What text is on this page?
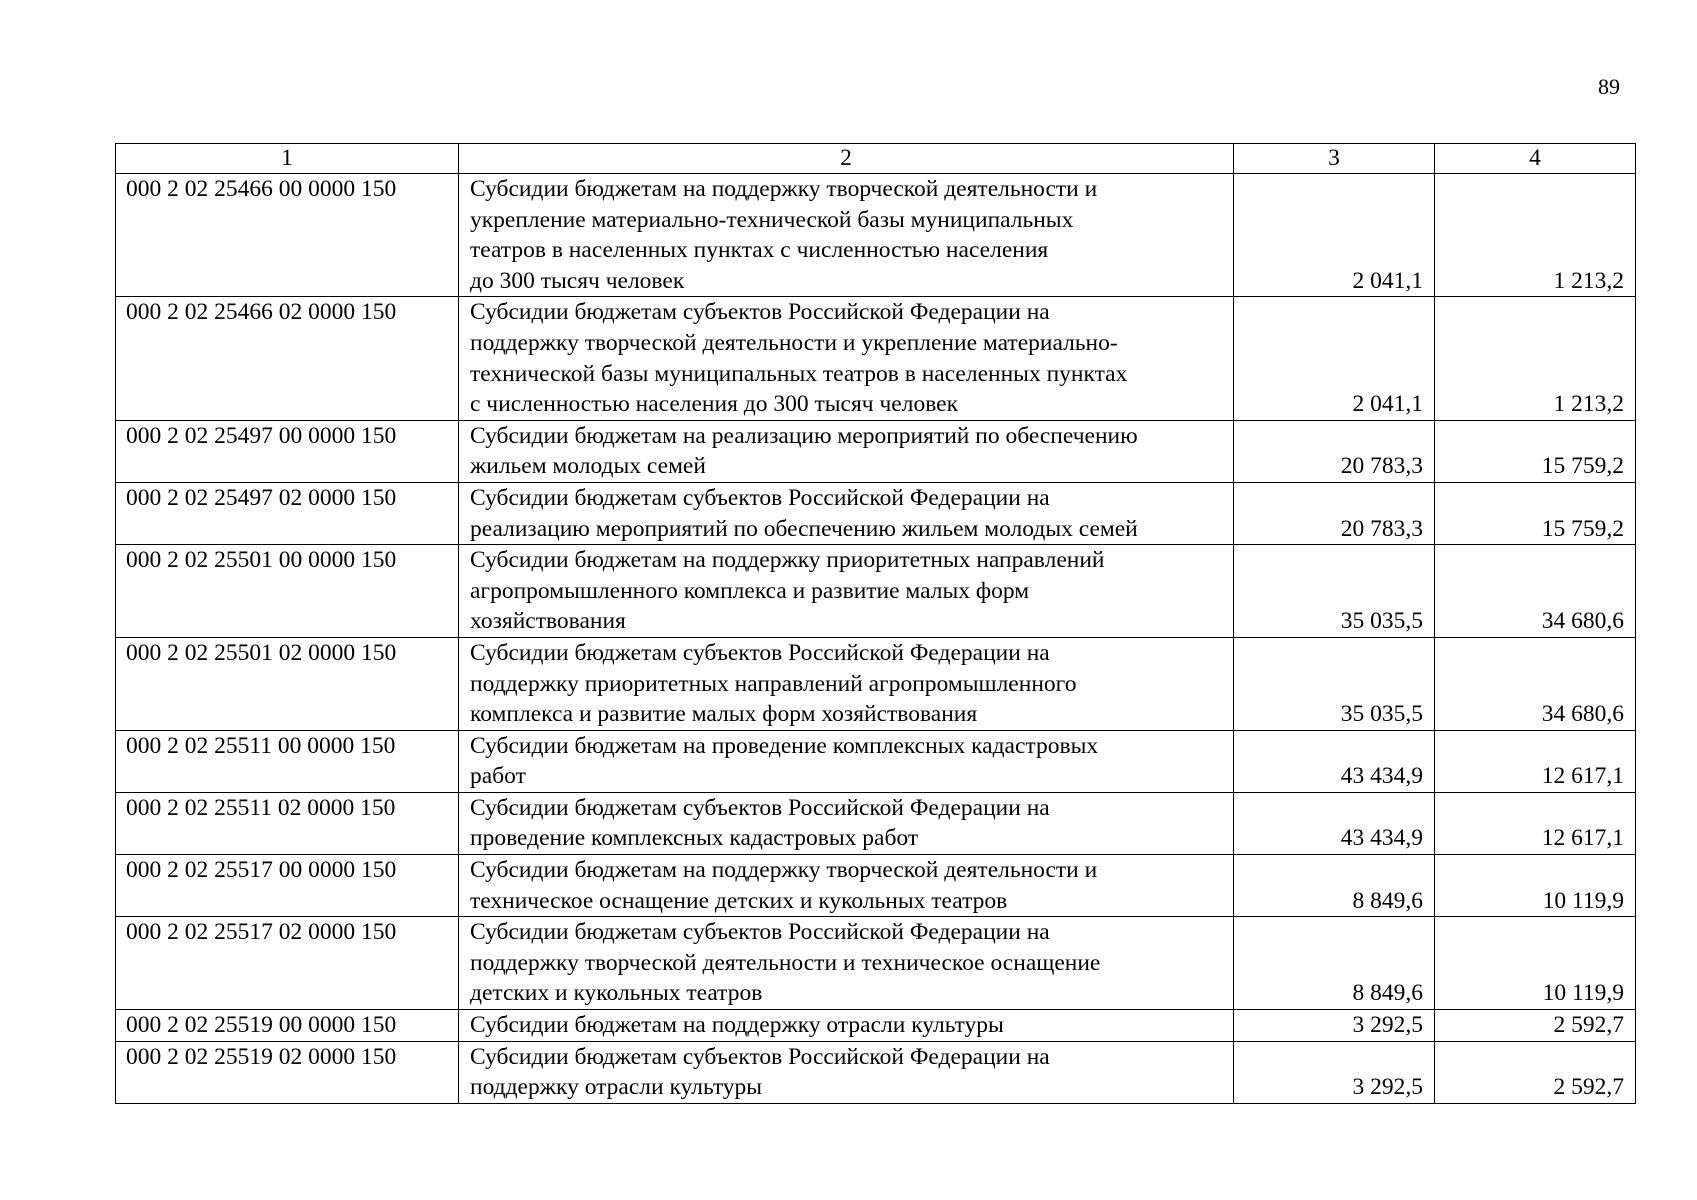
89
1	2	3	4
000 2 02 25466 00 0000 150	Субсидии бюджетам на поддержку творческой деятельности и
укрепление материально-технической базы муниципальных
театров в населенных пунктах с численностью населения
до 300 тысяч человек	2 041,1	1 213,2
000 2 02 25466 02 0000 150	Субсидии бюджетам субъектов Российской Федерации на
поддержку творческой деятельности и укрепление материально-
технической базы муниципальных театров в населенных пунктах
с численностью населения до 300 тысяч человек	2 041,1	1 213,2
000 2 02 25497 00 0000 150	Субсидии бюджетам на реализацию мероприятий по обеспечению
жильем молодых семей	20 783,3	15 759,2
000 2 02 25497 02 0000 150	Субсидии бюджетам субъектов Российской Федерации на
реализацию мероприятий по обеспечению жильем молодых семей	20 783,3	15 759,2
000 2 02 25501 00 0000 150	Субсидии бюджетам на поддержку приоритетных направлений
агропромышленного комплекса и развитие малых форм
хозяйствования	35 035,5	34 680,6
000 2 02 25501 02 0000 150	Субсидии бюджетам субъектов Российской Федерации на
поддержку приоритетных направлений агропромышленного
комплекса и развитие малых форм хозяйствования	35 035,5	34 680,6
000 2 02 25511 00 0000 150	Субсидии бюджетам на проведение комплексных кадастровых
работ	43 434,9	12 617,1
000 2 02 25511 02 0000 150	Субсидии бюджетам субъектов Российской Федерации на
проведение комплексных кадастровых работ	43 434,9	12 617,1
000 2 02 25517 00 0000 150	Субсидии бюджетам на поддержку творческой деятельности и
техническое оснащение детских и кукольных театров	8 849,6	10 119,9
000 2 02 25517 02 0000 150	Субсидии бюджетам субъектов Российской Федерации на
поддержку творческой деятельности и техническое оснащение
детских и кукольных театров	8 849,6	10 119,9
000 2 02 25519 00 0000 150	Субсидии бюджетам на поддержку отрасли культуры	3 292,5	2 592,7
000 2 02 25519 02 0000 150	Субсидии бюджетам субъектов Российской Федерации на
поддержку отрасли культуры	3 292,5	2 592,7
